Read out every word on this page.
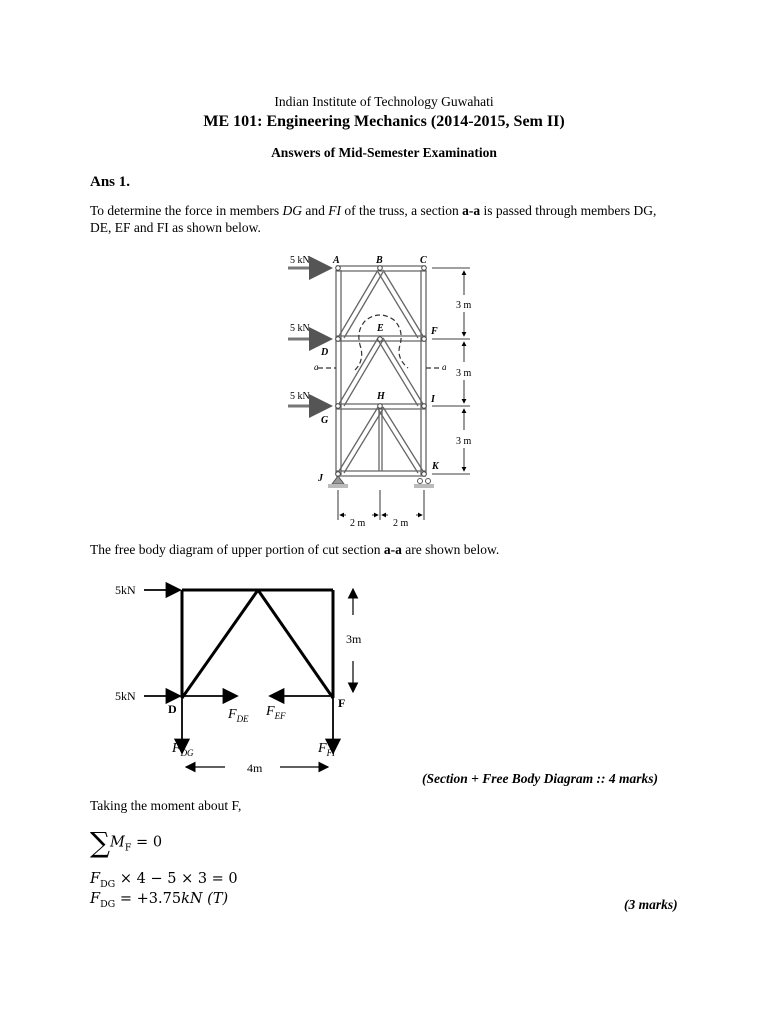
Indian Institute of Technology Guwahati
ME 101: Engineering Mechanics (2014-2015, Sem II)
Answers of Mid-Semester Examination
Ans 1.
To determine the force in members DG and FI of the truss, a section a-a is passed through members DG,
DE, EF and FI as shown below.
5 kN
5 kN
5 kN
A	B	C
D
E	F
G
H	I
J
K
a	a
3 m
3 m
3 m
2 m	2 m
The free body diagram of upper portion of cut section a-a are shown below.
5kN
5kN
3m
4m
D	F
$F_{DE}$ $F_{EF}$
$F_{DG}$	$F_{FI}$
(Section + Free Body Diagram :: 4 marks)
Taking the moment about F,
$\sum M_F = 0$
$F_{DG} \times 4 - 5 \times 3 = 0$
$F_{DG} = +3.75kN$ (T)	(3 marks)
